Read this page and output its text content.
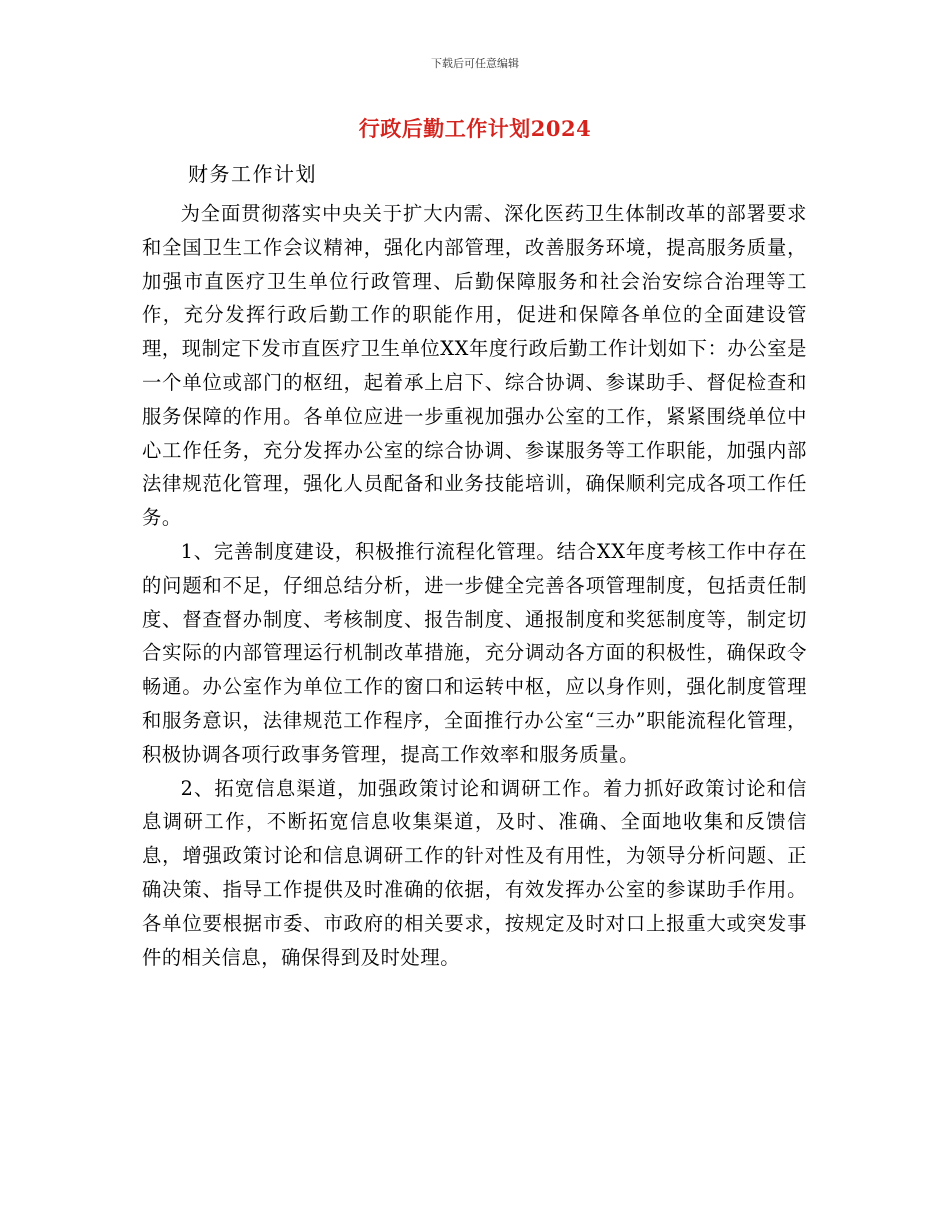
下载后可任意编辑
行政后勤工作计划2024
财务工作计划

为全面贯彻落实中央关于扩大内需、深化医药卫生体制改革的部署要求和全国卫生工作会议精神，强化内部管理，改善服务环境，提高服务质量，加强市直医疗卫生单位行政管理、后勤保障服务和社会治安综合治理等工作，充分发挥行政后勤工作的职能作用，促进和保障各单位的全面建设管理，现制定下发市直医疗卫生单位XX年度行政后勤工作计划如下：办公室是一个单位或部门的枢纽，起着承上启下、综合协调、参谋助手、督促检查和服务保障的作用。各单位应进一步重视加强办公室的工作，紧紧围绕单位中心工作任务，充分发挥办公室的综合协调、参谋服务等工作职能，加强内部法律规范化管理，强化人员配备和业务技能培训，确保顺利完成各项工作任务。

1、完善制度建设，积极推行流程化管理。结合XX年度考核工作中存在的问题和不足，仔细总结分析，进一步健全完善各项管理制度，包括责任制度、督查督办制度、考核制度、报告制度、通报制度和奖惩制度等，制定切合实际的内部管理运行机制改革措施，充分调动各方面的积极性，确保政令畅通。办公室作为单位工作的窗口和运转中枢，应以身作则，强化制度管理和服务意识，法律规范工作程序，全面推行办公室“三办”职能流程化管理，积极协调各项行政事务管理，提高工作效率和服务质量。

2、拓宽信息渠道，加强政策讨论和调研工作。着力抓好政策讨论和信息调研工作，不断拓宽信息收集渠道，及时、准确、全面地收集和反馈信息，增强政策讨论和信息调研工作的针对性及有用性，为领导分析问题、正确决策、指导工作提供及时准确的依据，有效发挥办公室的参谋助手作用。各单位要根据市委、市政府的相关要求，按规定及时对口上报重大或突发事件的相关信息，确保得到及时处理。
